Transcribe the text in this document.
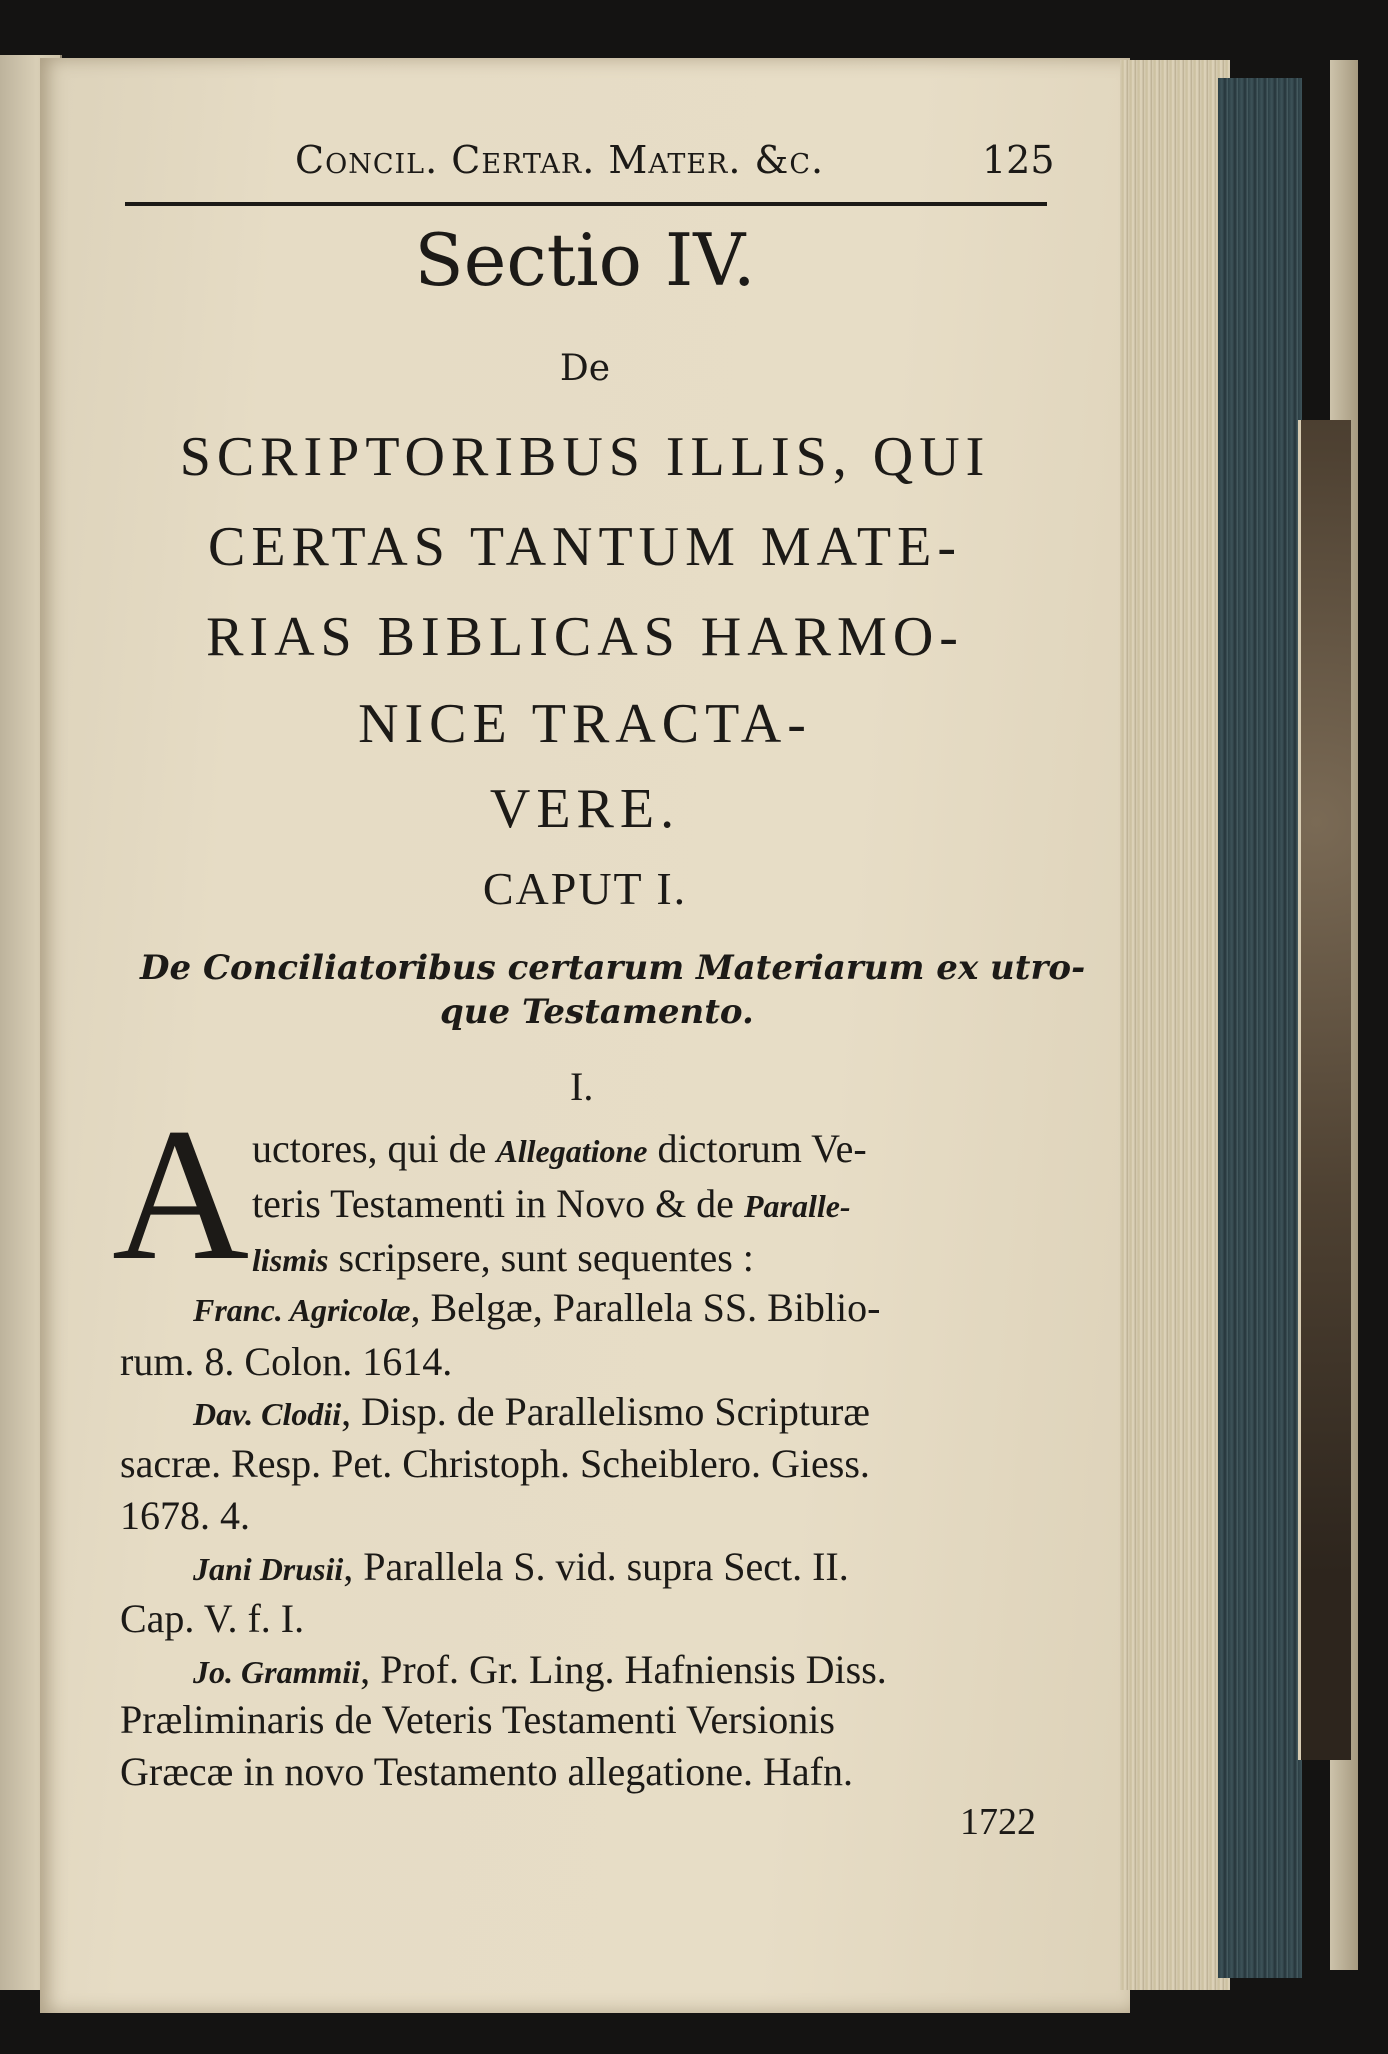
Concil. Certar. Mater. &c.	125
Sectio IV.
De
SCRIPTORIBUS ILLIS, QUI
CERTAS TANTUM MATE-
RIAS BIBLICAS HARMO-
NICE TRACTA-
VERE.
CAPUT I.
De Conciliatoribus certarum Materiarum ex utro-
que Testamento.
I.
A uctores, qui de Allegatione dictorum Ve-
teris Testamenti in Novo & de Paralle-
lismis scripsere, sunt sequentes :
Franc. Agricolæ, Belgæ, Parallela SS. Biblio-
rum. 8. Colon. 1614.
Dav. Clodii, Disp. de Parallelismo Scripturæ
sacræ. Resp. Pet. Christoph. Scheiblero. Giess.
1678. 4.
Jani Drusii, Parallela S. vid. supra Sect. II.
Cap. V. f. I.
Jo. Grammii, Prof. Gr. Ling. Hafniensis Diss.
Præliminaris de Veteris Testamenti Versionis
Græcæ in novo Testamento allegatione. Hafn.
1722
